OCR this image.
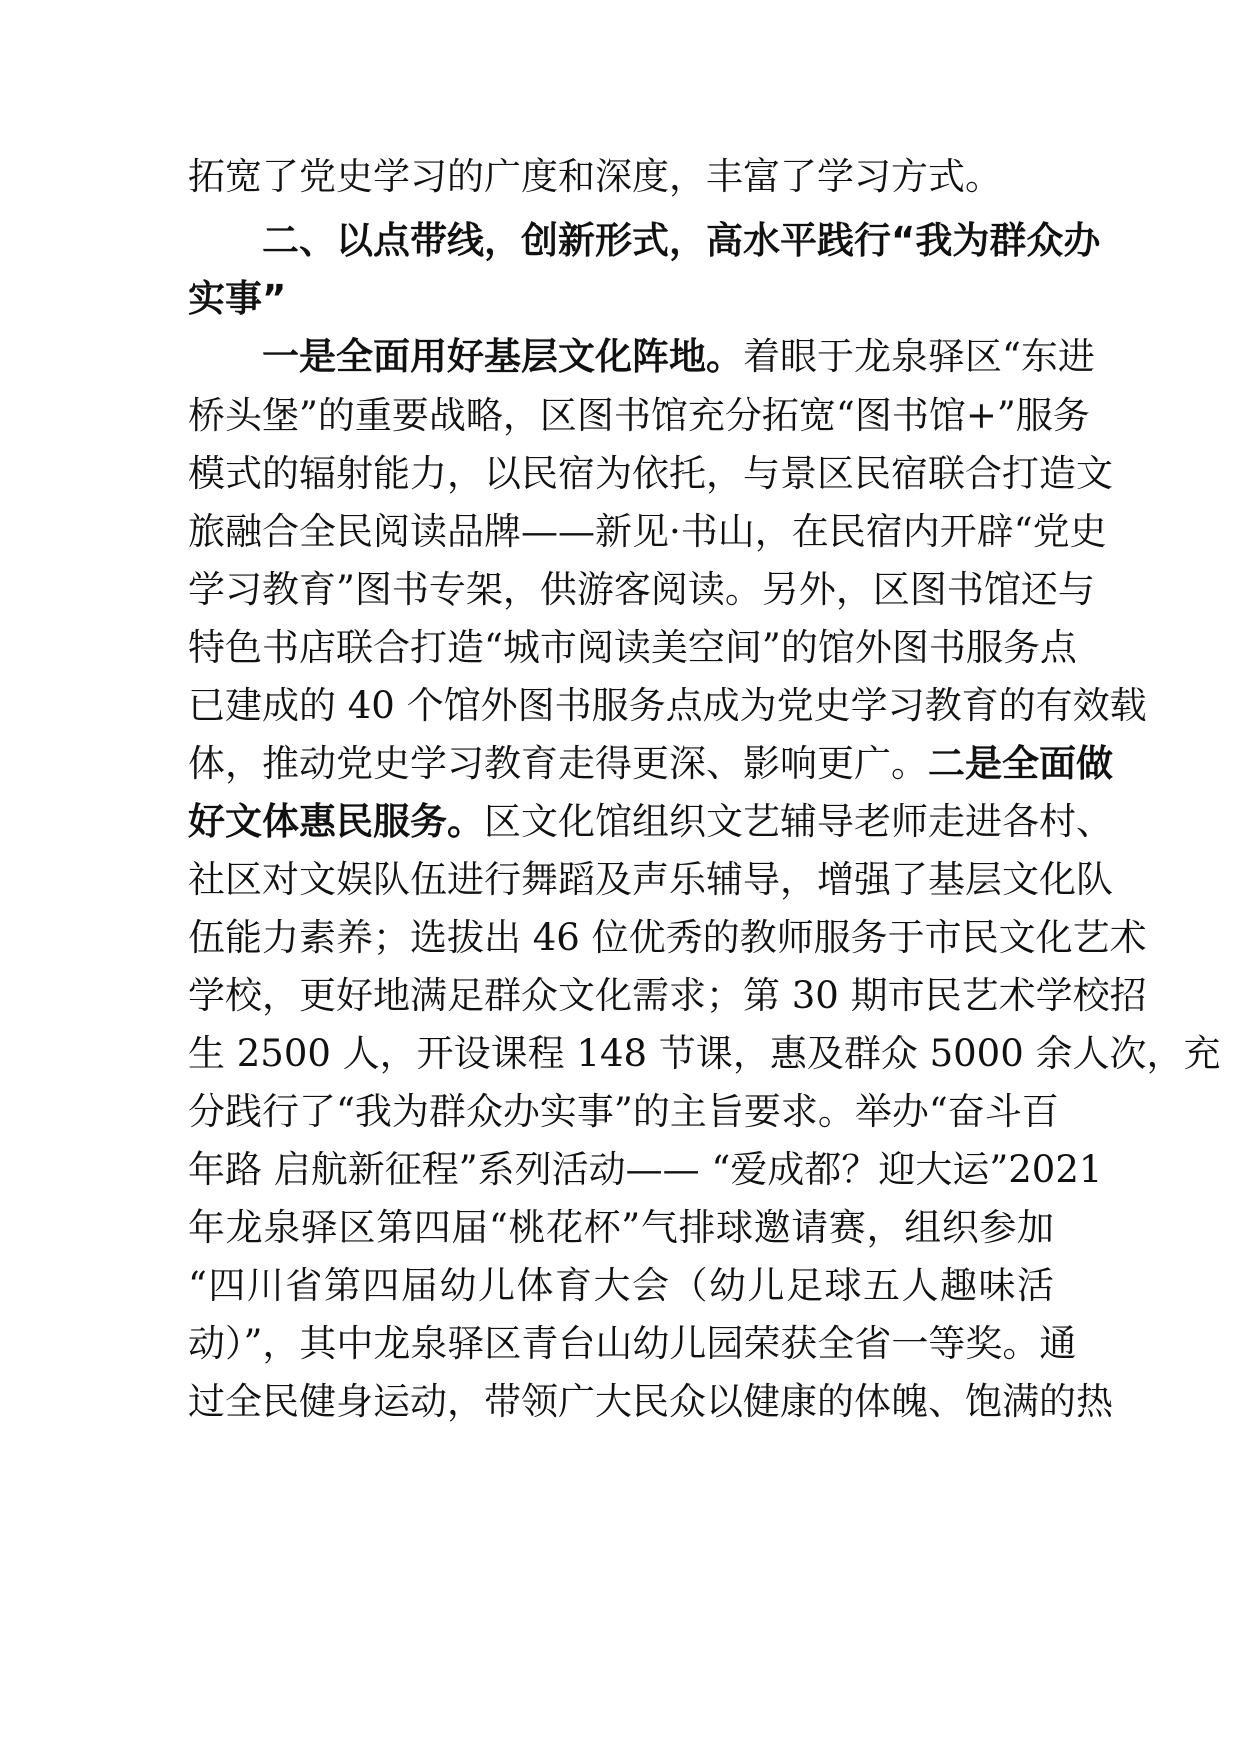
拓宽了党史学习的广度和深度，丰富了学习方式。
二、以点带线，创新形式，高水平践行“我为群众办
实事”
一是全面用好基层文化阵地。着眼于龙泉驿区“东进
桥头堡”的重要战略，区图书馆充分拓宽“图书馆+”服务
模式的辐射能力，以民宿为依托，与景区民宿联合打造文
旅融合全民阅读品牌——新见·书山，在民宿内开辟“党史
学习教育”图书专架，供游客阅读。另外，区图书馆还与
特色书店联合打造“城市阅读美空间”的馆外图书服务点
已建成的 40 个馆外图书服务点成为党史学习教育的有效载
体，推动党史学习教育走得更深、影响更广。二是全面做
好文体惠民服务。区文化馆组织文艺辅导老师走进各村、
社区对文娱队伍进行舞蹈及声乐辅导，增强了基层文化队
伍能力素养；选拔出 46 位优秀的教师服务于市民文化艺术
学校，更好地满足群众文化需求；第 30 期市民艺术学校招
生 2500 人，开设课程 148 节课，惠及群众 5000 余人次，充
分践行了“我为群众办实事”的主旨要求。举办“奋斗百
年路 启航新征程”系列活动—— “爱成都？迎大运”2021
年龙泉驿区第四届“桃花杯”气排球邀请赛，组织参加
“四川省第四届幼儿体育大会（幼儿足球五人趣味活
动）”，其中龙泉驿区青台山幼儿园荣获全省一等奖。通
过全民健身运动，带领广大民众以健康的体魄、饱满的热
